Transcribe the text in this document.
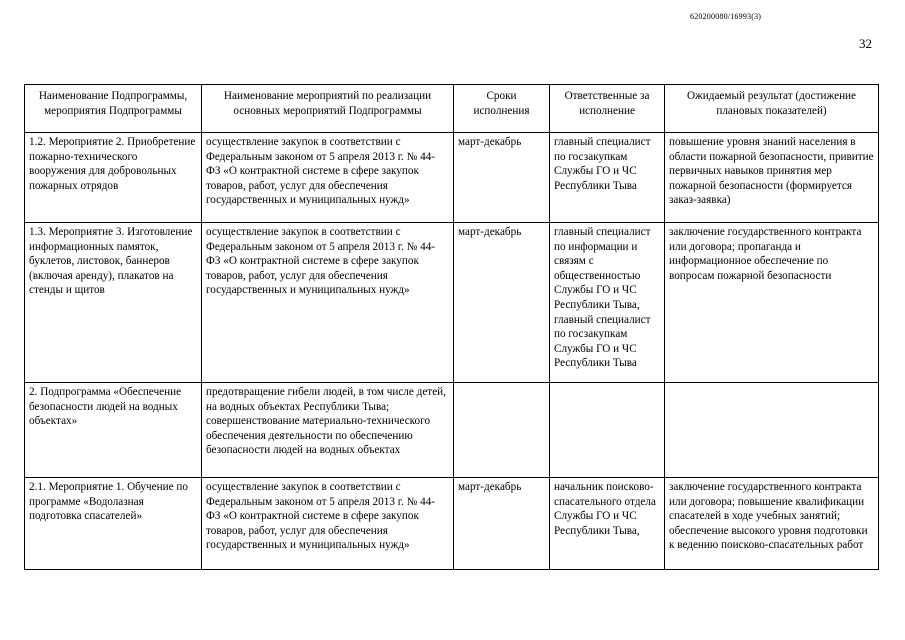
620200080/16993(3)
32
Наименование Подпрограммы, мероприятия Подпрограммы	Наименование мероприятий по реализации основных мероприятий Подпрограммы	Сроки исполнения	Ответственные за исполнение	Ожидаемый результат (достижение плановых показателей)
1.2. Мероприятие 2. Приобретение пожарно-технического вооружения для добровольных пожарных отрядов	осуществление закупок в соответствии с Федеральным законом от 5 апреля 2013 г. № 44-ФЗ «О контрактной системе в сфере закупок товаров, работ, услуг для обеспечения государственных и муниципальных нужд»	март-декабрь	главный специалист по госзакупкам Службы ГО и ЧС Республики Тыва	повышение уровня знаний населения в области пожарной безопасности, привитие первичных навыков принятия мер пожарной безопасности (формируется заказ-заявка)
1.3. Мероприятие 3. Изготовление информационных памяток, буклетов, листовок, баннеров (включая аренду), плакатов на стенды и щитов	осуществление закупок в соответствии с Федеральным законом от 5 апреля 2013 г. № 44-ФЗ «О контрактной системе в сфере закупок товаров, работ, услуг для обеспечения государственных и муниципальных нужд»	март-декабрь	главный специалист по информации и связям с общественностью Службы ГО и ЧС Республики Тыва, главный специалист по госзакупкам Службы ГО и ЧС Республики Тыва	заключение государственного контракта или договора; пропаганда и информационное обеспечение по вопросам пожарной безопасности
2. Подпрограмма «Обеспечение безопасности людей на водных объектах»	предотвращение гибели людей, в том числе детей, на водных объектах Республики Тыва; совершенствование материально-технического обеспечения деятельности по обеспечению безопасности людей на водных объектах			
2.1. Мероприятие 1. Обучение по программе «Водолазная подготовка спасателей»	осуществление закупок в соответствии с Федеральным законом от 5 апреля 2013 г. № 44-ФЗ «О контрактной системе в сфере закупок товаров, работ, услуг для обеспечения государственных и муниципальных нужд»	март-декабрь	начальник поисково-спасательного отдела Службы ГО и ЧС Республики Тыва,	заключение государственного контракта или договора; повышение квалификации спасателей в ходе учебных занятий; обеспечение высокого уровня подготовки к ведению поисково-спасательных работ
